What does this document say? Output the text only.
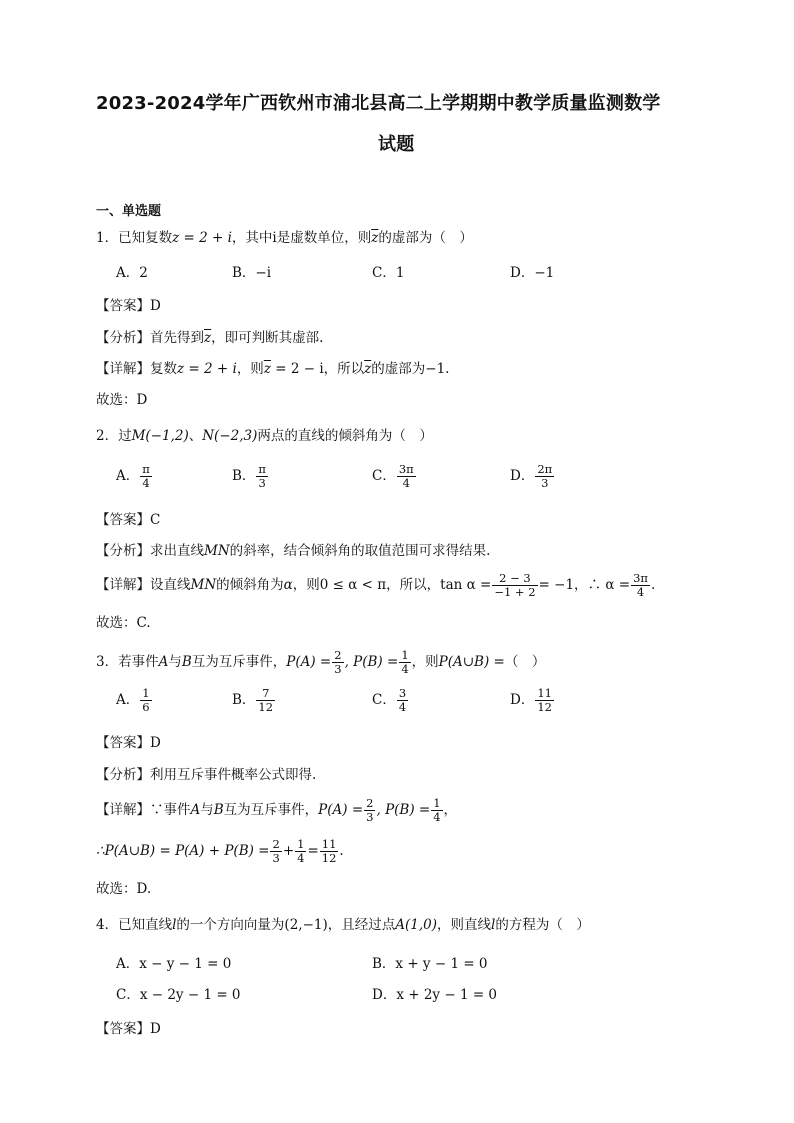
2023-2024学年广西钦州市浦北县高二上学期期中教学质量监测数学
试题
一、单选题
1．已知复数z = 2 + i，其中i是虚数单位，则$\overline{z}$的虚部为（　）
A．2	B．−i	C．1	D．−1
【答案】D
【分析】首先得到$\overline{z}$，即可判断其虚部.
【详解】复数z = 2 + i，则$\overline{z} = 2 - i$，所以$\overline{z}$的虚部为−1.
故选：D
2．过M(−1,2)、N(−2,3)两点的直线的倾斜角为（　）
A． $\frac{\pi}{4}$	B． $\frac{\pi}{3}$	C． $\frac{3\pi}{4}$	D． $\frac{2\pi}{3}$
【答案】C
【分析】求出直线MN的斜率，结合倾斜角的取值范围可求得结果.
【详解】设直线MN的倾斜角为α，则0 ≤ α < π，所以，$\tan \alpha = \frac{2 - 3}{-1 + 2} = -1$，∴ $\alpha = \frac{3\pi}{4}$ .
故选：C.
3．若事件A与B互为互斥事件，$P(A) = \frac{2}{3}$ , $P(B) = \frac{1}{4}$ ，则P(A∪B) =（　）
A． $\frac{1}{6}$	B． $\frac{7}{12}$	C． $\frac{3}{4}$	D． $\frac{11}{12}$
【答案】D
【分析】利用互斥事件概率公式即得.
【详解】∵事件A与B互为互斥事件，$P(A) = \frac{2}{3}$ , $P(B) = \frac{1}{4}$ ，
∴P(A∪B) = $P(A) + P(B) = \frac{2}{3} + \frac{1}{4} = \frac{11}{12}$ .
故选：D.
4．已知直线l的一个方向向量为(2,−1)，且经过点A(1,0)，则直线l的方程为（　）
A．x − y − 1 = 0	B．x + y − 1 = 0
C．x − 2y − 1 = 0	D．x + 2y − 1 = 0
【答案】D
